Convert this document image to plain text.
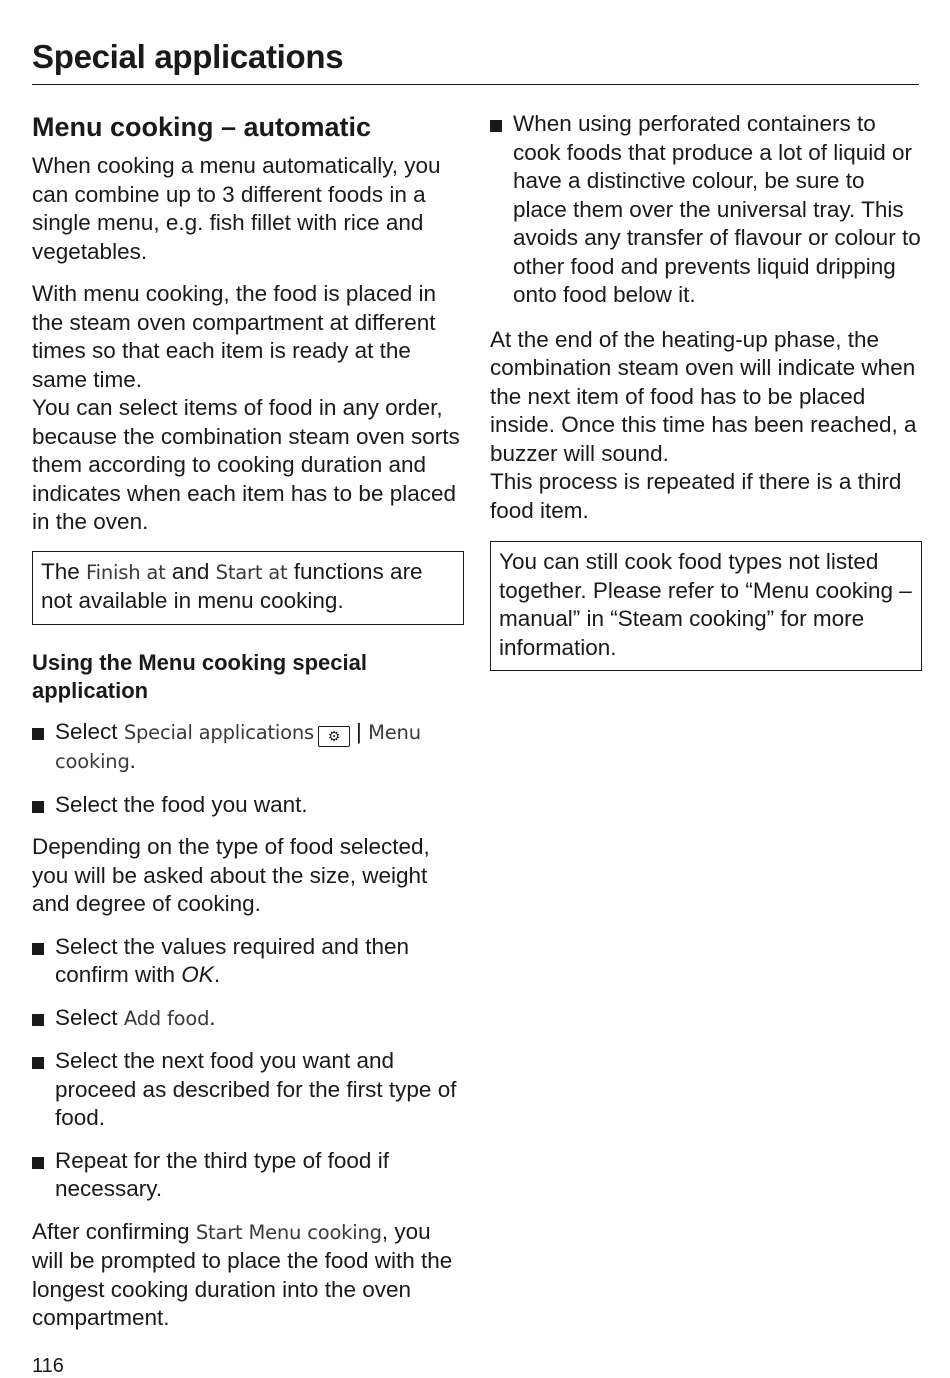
Special applications
Menu cooking – automatic

When cooking a menu automatically, you can combine up to 3 different foods in a single menu, e.g. fish fillet with rice and vegetables.

With menu cooking, the food is placed in the steam oven compartment at different times so that each item is ready at the same time.

You can select items of food in any order, because the combination steam oven sorts them according to cooking duration and indicates when each item has to be placed in the oven.

The Finish at and Start at functions are not available in menu cooking.
Using the Menu cooking special application
Select Special applications ⚙ | Menu cooking.
Select the food you want.

Depending on the type of food selected, you will be asked about the size, weight and degree of cooking.

Select the values required and then confirm with OK.
Select Add food.
Select the next food you want and proceed as described for the first type of food.
Repeat for the third type of food if necessary.

After confirming Start Menu cooking, you will be prompted to place the food with the longest cooking duration into the oven compartment.

When using perforated containers to cook foods that produce a lot of liquid or have a distinctive colour, be sure to place them over the universal tray. This avoids any transfer of flavour or colour to other food and prevents liquid dripping onto food below it.

At the end of the heating-up phase, the combination steam oven will indicate when the next item of food has to be placed inside. Once this time has been reached, a buzzer will sound.

This process is repeated if there is a third food item.

You can still cook food types not listed together. Please refer to “Menu cooking – manual” in “Steam cooking” for more information.
116
